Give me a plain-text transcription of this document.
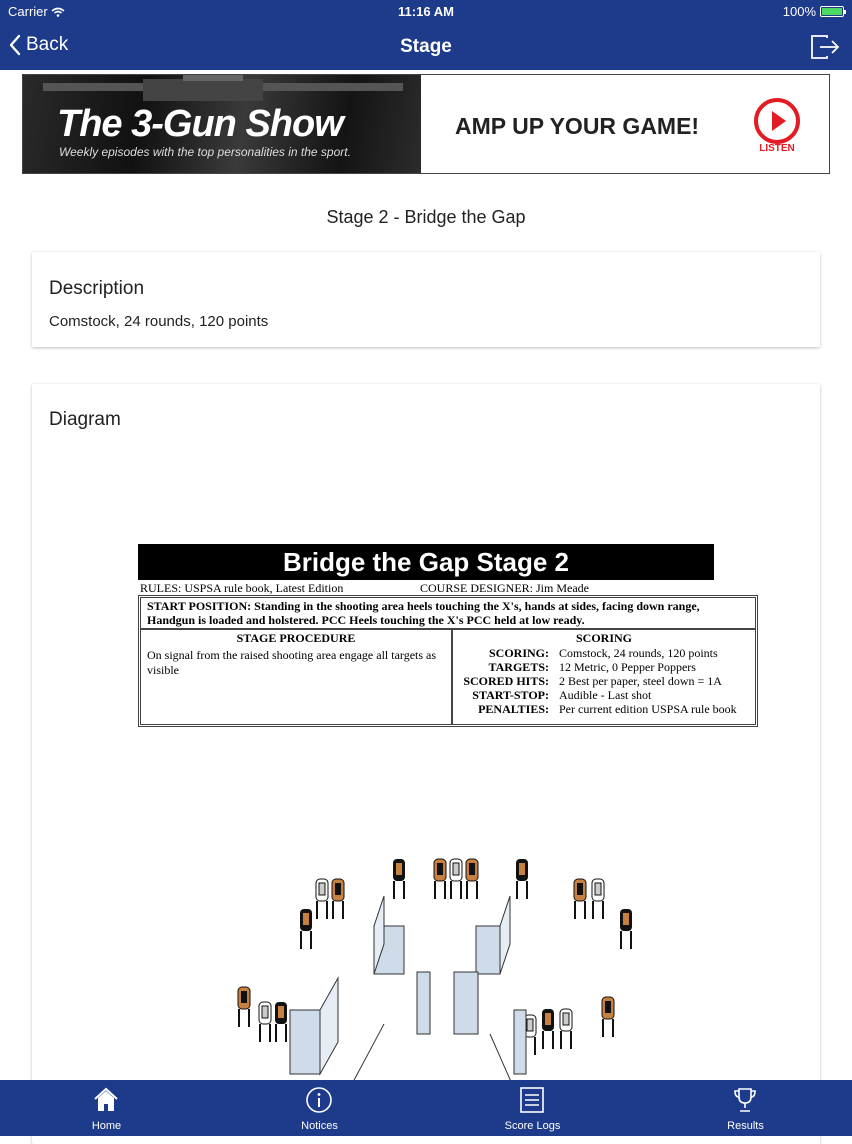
Carrier	11:16 AM	100%
Back	Stage
The 3-Gun Show
Weekly episodes with the top personalities in the sport.
AMP UP YOUR GAME!
LISTEN
Stage 2 - Bridge the Gap
Description

Comstock, 24 rounds, 120 points

Diagram
Bridge the Gap Stage 2
RULES: USPSA rule book, Latest Edition	COURSE DESIGNER: Jim Meade
START POSITION: Standing in the shooting area heels touching the X's, hands at sides, facing down range, Handgun is loaded and holstered. PCC Heels touching the X's PCC held at low ready.
STAGE PROCEDURE
On signal from the raised shooting area engage all targets as visible
SCORING
SCORING: Comstock, 24 rounds, 120 points
TARGETS: 12 Metric, 0 Pepper Poppers
SCORED HITS: 2 Best per paper, steel down = 1A
START-STOP: Audible - Last shot
PENALTIES: Per current edition USPSA rule book
Home	Notices	Score Logs	Results
